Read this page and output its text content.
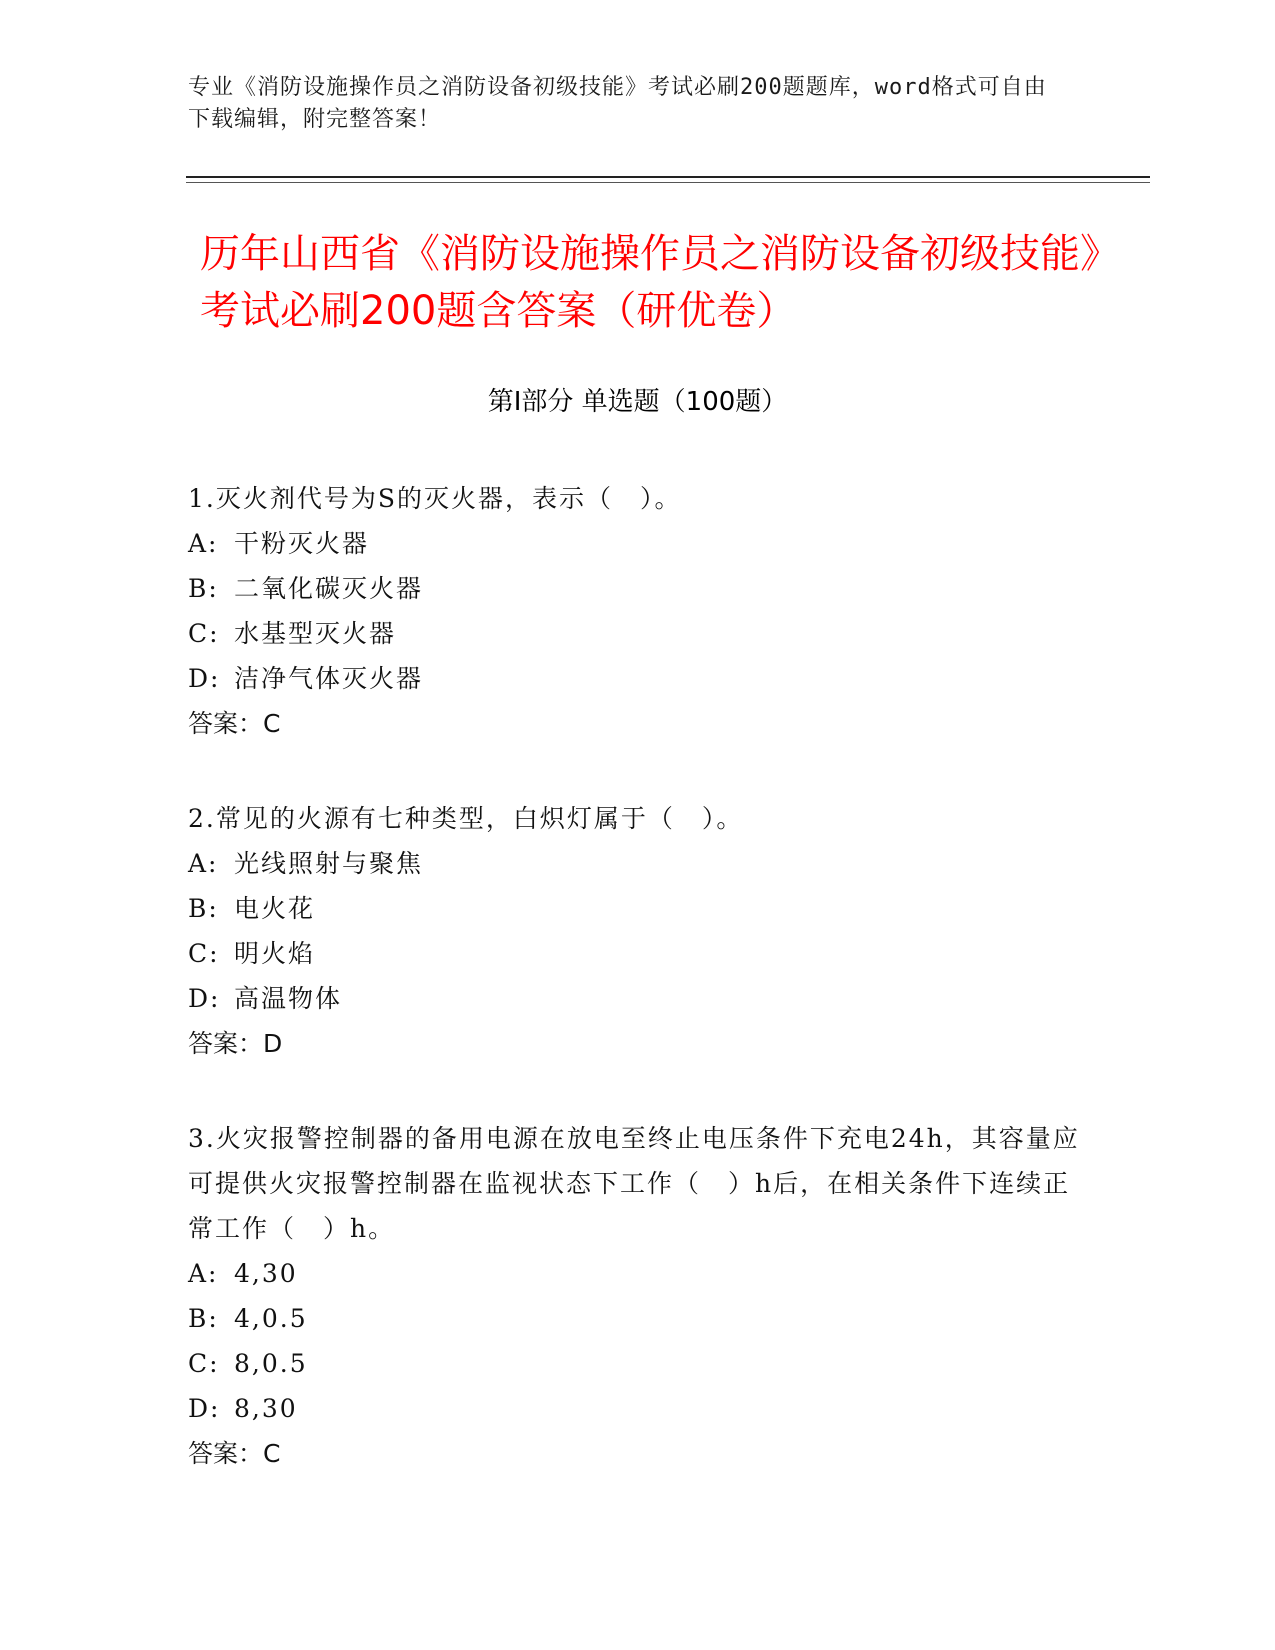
专业《消防设施操作员之消防设备初级技能》考试必刷200题题库，word格式可自由下载编辑，附完整答案！
历年山西省《消防设施操作员之消防设备初级技能》考试必刷200题含答案（研优卷）
第Ⅰ部分 单选题（100题）
1.灭火剂代号为S的灭火器，表示（　）。
A: 干粉灭火器
B: 二氧化碳灭火器
C: 水基型灭火器
D: 洁净气体灭火器
答案：C
2.常见的火源有七种类型，白炽灯属于（　）。
A: 光线照射与聚焦
B: 电火花
C: 明火焰
D: 高温物体
答案：D
3.火灾报警控制器的备用电源在放电至终止电压条件下充电24h，其容量应可提供火灾报警控制器在监视状态下工作（　）h后，在相关条件下连续正常工作（　）h。
A: 4,30
B: 4,0.5
C: 8,0.5
D: 8,30
答案：C
